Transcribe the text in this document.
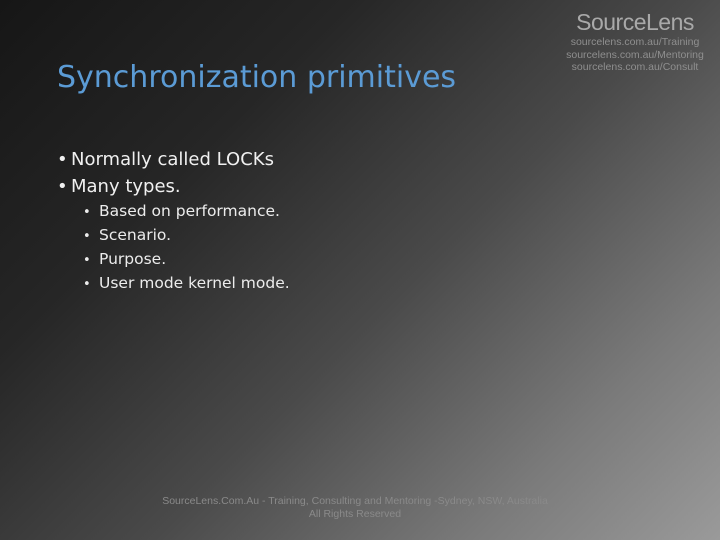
SourceLens
sourcelens.com.au/Training
sourcelens.com.au/Mentoring
sourcelens.com.au/Consult
Synchronization primitives
• Normally called LOCKs
• Many types.
• Based on performance.
• Scenario.
• Purpose.
• User mode kernel mode.
SourceLens.Com.Au - Training, Consulting and Mentoring -Sydney, NSW, Australia
All Rights Reserved
